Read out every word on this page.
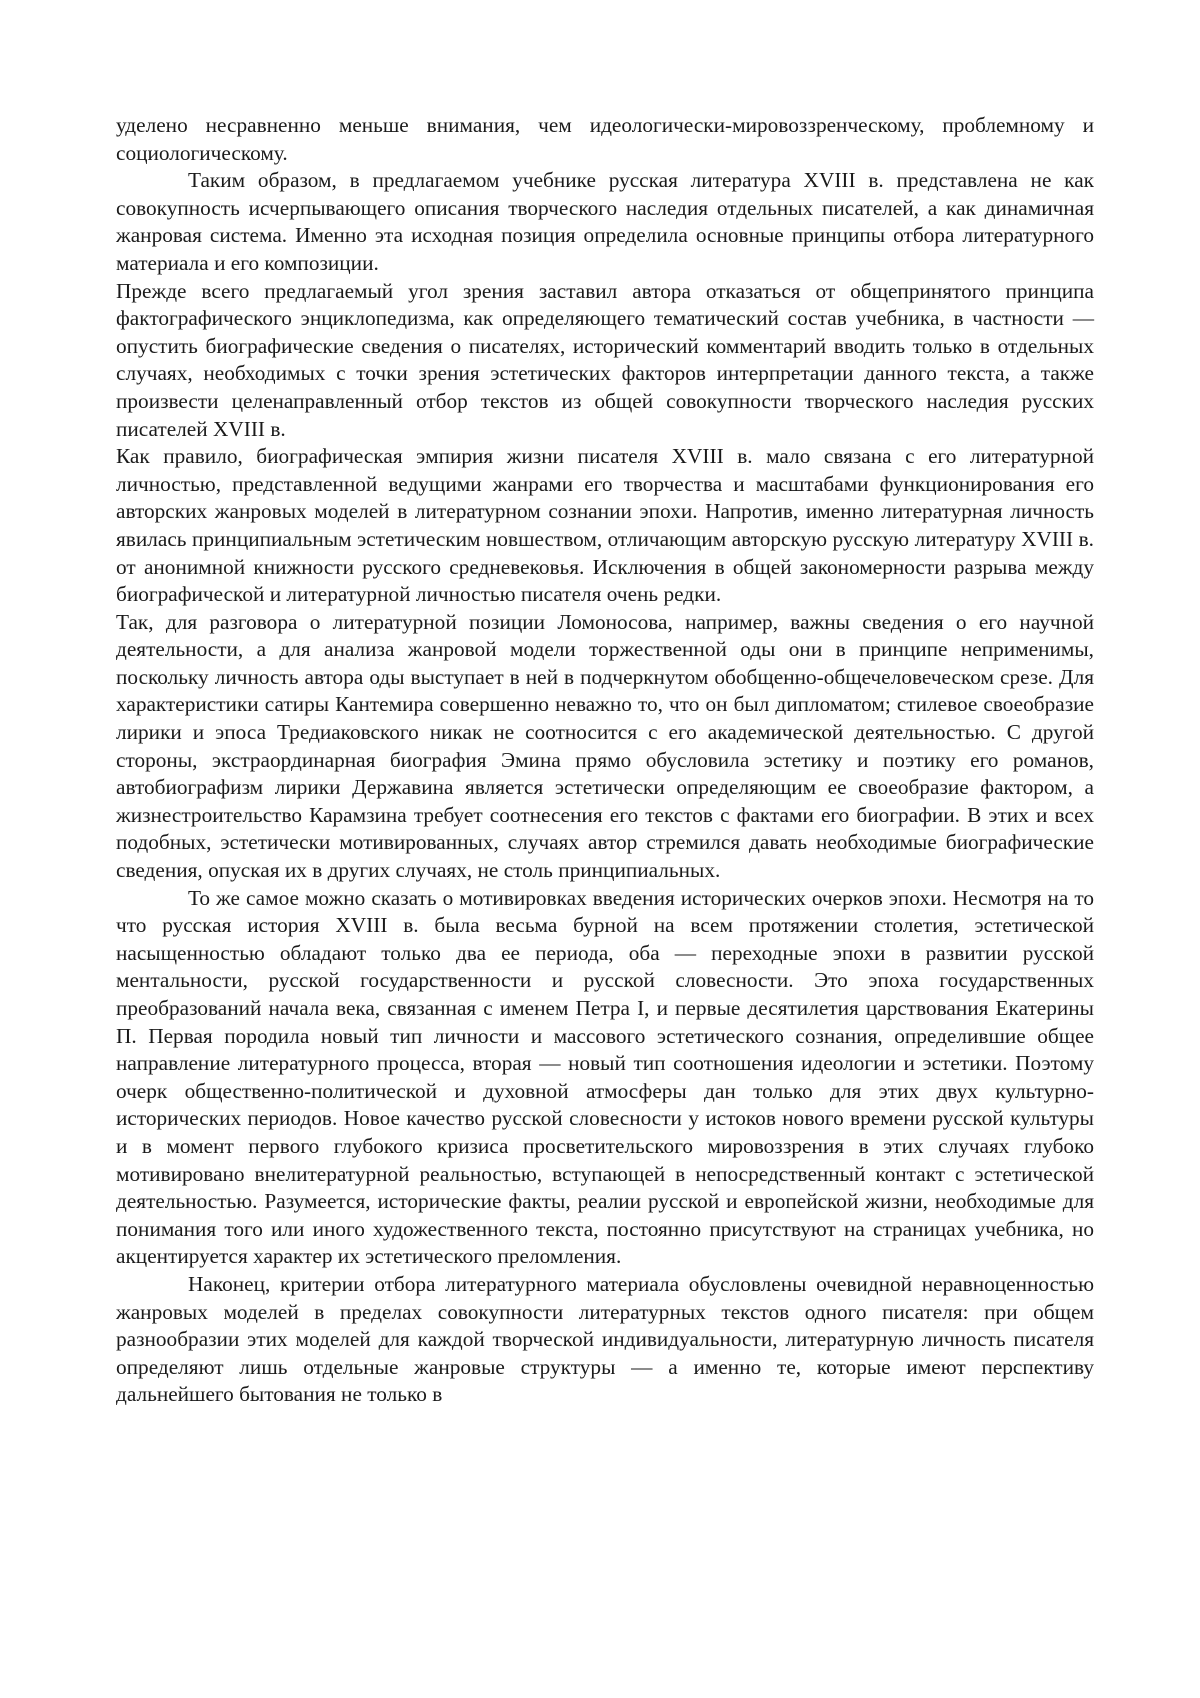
уделено несравненно меньше внимания, чем идеологически-мировоззренческому, проблемному и социологическому.

Таким образом, в предлагаемом учебнике русская литература XVIII в. представлена не как совокупность исчерпывающего описания творческого наследия отдельных писателей, а как динамичная жанровая система. Именно эта исходная позиция определила основные принципы отбора литературного материала и его композиции.

Прежде всего предлагаемый угол зрения заставил автора отказаться от общепринятого принципа фактографического энциклопедизма, как определяющего тематический состав учебника, в частности — опустить биографические сведения о писателях, исторический комментарий вводить только в отдельных случаях, необходимых с точки зрения эстетических факторов интерпретации данного текста, а также произвести целенаправленный отбор текстов из общей совокупности творческого наследия русских писателей XVIII в.

Как правило, биографическая эмпирия жизни писателя XVIII в. мало связана с его литературной личностью, представленной ведущими жанрами его творчества и масштабами функционирования его авторских жанровых моделей в литературном сознании эпохи. Напротив, именно литературная личность явилась принципиальным эстетическим новшеством, отличающим авторскую русскую литературу XVIII в. от анонимной книжности русского средневековья. Исключения в общей закономерности разрыва между биографической и литературной личностью писателя очень редки.

Так, для разговора о литературной позиции Ломоносова, например, важны сведения о его научной деятельности, а для анализа жанровой модели торжественной оды они в принципе неприменимы, поскольку личность автора оды выступает в ней в подчеркнутом обобщенно-общечеловеческом срезе. Для характеристики сатиры Кантемира совершенно неважно то, что он был дипломатом; стилевое своеобразие лирики и эпоса Тредиаковского никак не соотносится с его академической деятельностью. С другой стороны, экстраординарная биография Эмина прямо обусловила эстетику и поэтику его романов, автобиографизм лирики Державина является эстетически определяющим ее своеобразие фактором, а жизнестроительство Карамзина требует соотнесения его текстов с фактами его биографии. В этих и всех подобных, эстетически мотивированных, случаях автор стремился давать необходимые биографические сведения, опуская их в других случаях, не столь принципиальных.

То же самое можно сказать о мотивировках введения исторических очерков эпохи. Несмотря на то что русская история XVIII в. была весьма бурной на всем протяжении столетия, эстетической насыщенностью обладают только два ее периода, оба — переходные эпохи в развитии русской ментальности, русской государственности и русской словесности. Это эпоха государственных преобразований начала века, связанная с именем Петра I, и первые десятилетия царствования Екатерины П. Первая породила новый тип личности и массового эстетического сознания, определившие общее направление литературного процесса, вторая — новый тип соотношения идеологии и эстетики. Поэтому очерк общественно-политической и духовной атмосферы дан только для этих двух культурно-исторических периодов. Новое качество русской словесности у истоков нового времени русской культуры и в момент первого глубокого кризиса просветительского мировоззрения в этих случаях глубоко мотивировано внелитературной реальностью, вступающей в непосредственный контакт с эстетической деятельностью. Разумеется, исторические факты, реалии русской и европейской жизни, необходимые для понимания того или иного художественного текста, постоянно присутствуют на страницах учебника, но акцентируется характер их эстетического преломления.

Наконец, критерии отбора литературного материала обусловлены очевидной неравноценностью жанровых моделей в пределах совокупности литературных текстов одного писателя: при общем разнообразии этих моделей для каждой творческой индивидуальности, литературную личность писателя определяют лишь отдельные жанровые структуры — а именно те, которые имеют перспективу дальнейшего бытования не только в
